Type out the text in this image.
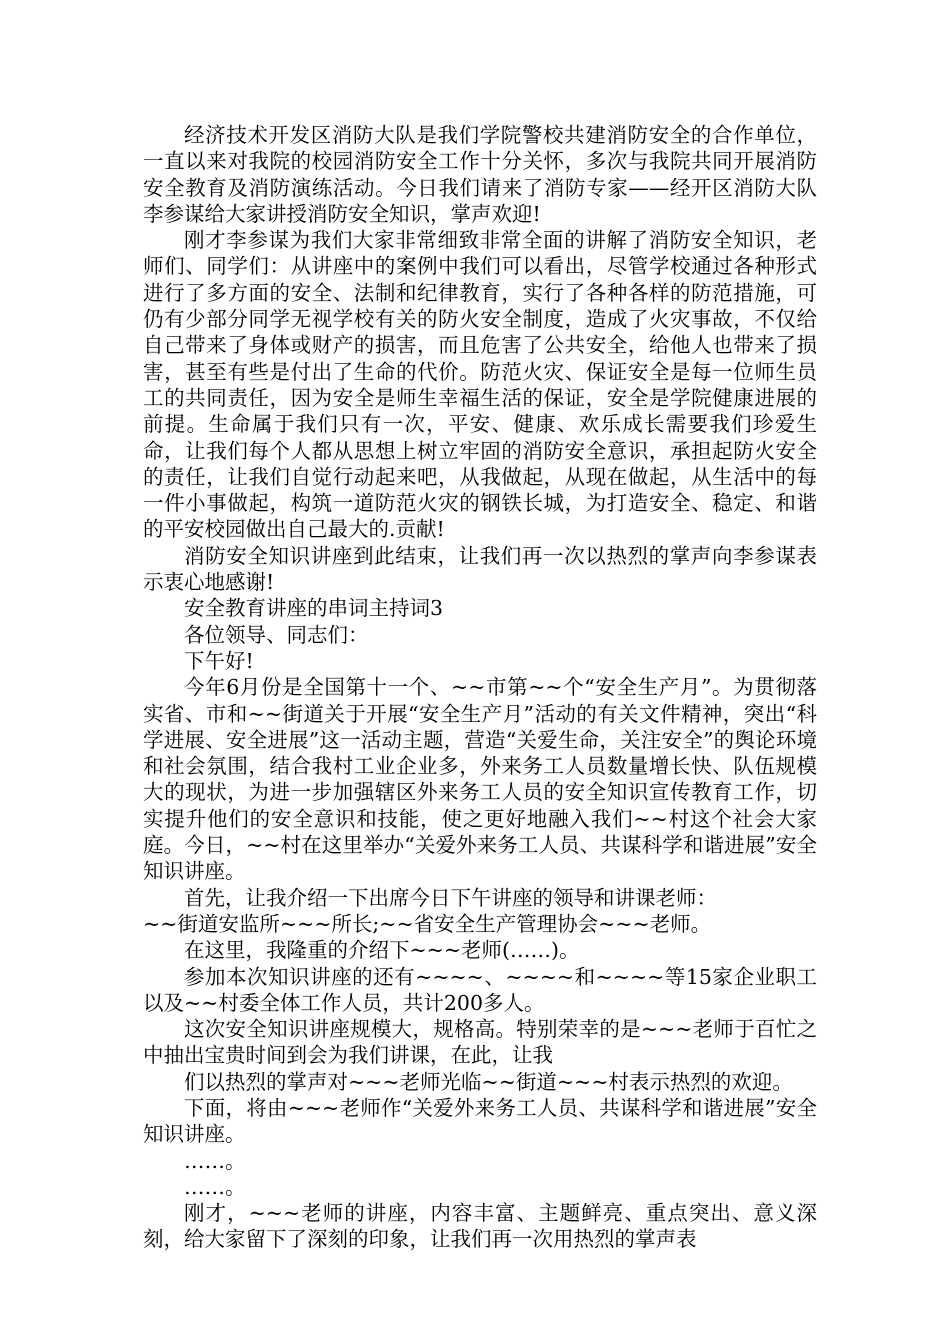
经济技术开发区消防大队是我们学院警校共建消防安全的合作单位，一直以来对我院的校园消防安全工作十分关怀，多次与我院共同开展消防安全教育及消防演练活动。今日我们请来了消防专家——经开区消防大队李参谋给大家讲授消防安全知识，掌声欢迎!

刚才李参谋为我们大家非常细致非常全面的讲解了消防安全知识，老师们、同学们：从讲座中的案例中我们可以看出，尽管学校通过各种形式进行了多方面的安全、法制和纪律教育，实行了各种各样的防范措施，可仍有少部分同学无视学校有关的防火安全制度，造成了火灾事故，不仅给自己带来了身体或财产的损害，而且危害了公共安全，给他人也带来了损害，甚至有些是付出了生命的代价。防范火灾、保证安全是每一位师生员工的共同责任，因为安全是师生幸福生活的保证，安全是学院健康进展的前提。生命属于我们只有一次，平安、健康、欢乐成长需要我们珍爱生命，让我们每个人都从思想上树立牢固的消防安全意识，承担起防火安全的责任，让我们自觉行动起来吧，从我做起，从现在做起，从生活中的每一件小事做起，构筑一道防范火灾的钢铁长城，为打造安全、稳定、和谐的平安校园做出自己最大的.贡献!

消防安全知识讲座到此结束，让我们再一次以热烈的掌声向李参谋表示衷心地感谢!

安全教育讲座的串词主持词3

各位领导、同志们：

下午好!

今年6月份是全国第十一个、~~市第~~个“安全生产月”。为贯彻落实省、市和~~街道关于开展“安全生产月”活动的有关文件精神，突出“科学进展、安全进展”这一活动主题，营造“关爱生命，关注安全”的舆论环境和社会氛围，结合我村工业企业多，外来务工人员数量增长快、队伍规模大的现状，为进一步加强辖区外来务工人员的安全知识宣传教育工作，切实提升他们的安全意识和技能，使之更好地融入我们~~村这个社会大家庭。今日，~~村在这里举办“关爱外来务工人员、共谋科学和谐进展”安全知识讲座。

首先，让我介绍一下出席今日下午讲座的领导和讲课老师：

~~街道安监所~~~所长;~~省安全生产管理协会~~~老师。

在这里，我隆重的介绍下~~~老师(……)。

参加本次知识讲座的还有~~~~、~~~~和~~~~等15家企业职工以及~~村委全体工作人员，共计200多人。

这次安全知识讲座规模大，规格高。特别荣幸的是~~~老师于百忙之中抽出宝贵时间到会为我们讲课，在此，让我

们以热烈的掌声对~~~老师光临~~街道~~~村表示热烈的欢迎。

下面，将由~~~老师作“关爱外来务工人员、共谋科学和谐进展”安全知识讲座。

……。

……。

刚才，~~~老师的讲座，内容丰富、主题鲜亮、重点突出、意义深刻，给大家留下了深刻的印象，让我们再一次用热烈的掌声表
